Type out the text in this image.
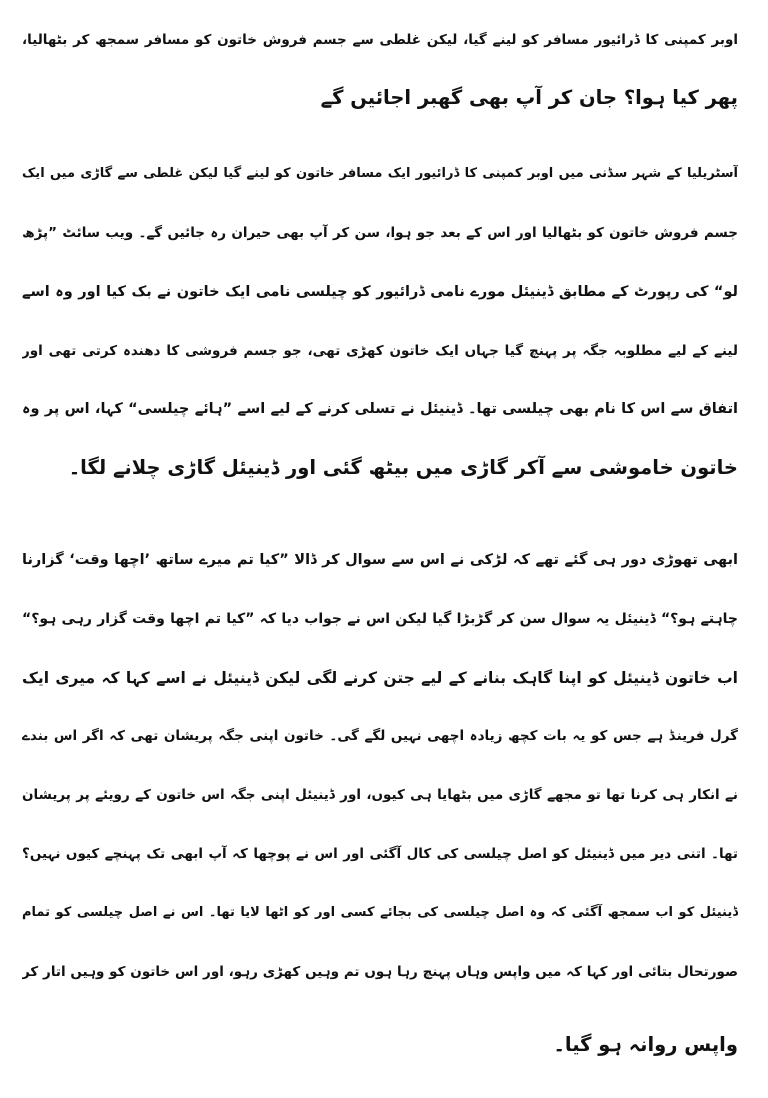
اوبر کمپنی کا ڈرائیور مسافر کو لینے گیا، لیکن غلطی سے جسم فروش خاتون کو مسافر سمجھ کر بٹھالیا،
پھر کیا ہوا؟ جان کر آپ بھی گھبر اجائیں گے
آسٹریلیا کے شہر سڈنی میں اوبر کمپنی کا ڈرائیور ایک مسافر خاتون کو لینے گیا لیکن غلطی سے گاڑی میں ایک
جسم فروش خاتون کو بٹھالیا اور اس کے بعد جو ہوا، سن کر آپ بھی حیران رہ جائیں گے۔ ویب سائٹ ”پڑھ
لو“ کی رپورٹ کے مطابق ڈینیئل مورے نامی ڈرائیور کو چیلسی نامی ایک خاتون نے بک کیا اور وہ اسے
لینے کے لیے مطلوبہ جگہ پر پہنچ گیا جہاں ایک خاتون کھڑی تھی، جو جسم فروشی کا دھندہ کرتی تھی اور
اتفاق سے اس کا نام بھی چیلسی تھا۔ ڈینیئل نے تسلی کرنے کے لیے اسے ”ہائے چیلسی“ کہا، اس پر وہ
خاتون خاموشی سے آکر گاڑی میں بیٹھ گئی اور ڈینیئل گاڑی چلانے لگا۔
ابھی تھوڑی دور ہی گئے تھے کہ لڑکی نے اس سے سوال کر ڈالا ”کیا تم میرے ساتھ ’اچھا وقت‘ گزارنا
چاہتے ہو؟“ ڈینیئل یہ سوال سن کر گڑبڑا گیا لیکن اس نے جواب دیا کہ ”کیا تم اچھا وقت گزار رہی ہو؟“
اب خاتون ڈینیئل کو اپنا گاہک بنانے کے لیے جتن کرنے لگی لیکن ڈینیئل نے اسے کہا کہ میری ایک
گرل فرینڈ ہے جس کو یہ بات کچھ زیادہ اچھی نہیں لگے گی۔ خاتون اپنی جگہ پریشان تھی کہ اگر اس بندے
نے انکار ہی کرنا تھا تو مجھے گاڑی میں بٹھایا ہی کیوں، اور ڈینیئل اپنی جگہ اس خاتون کے رویئے پر پریشان
تھا۔ اتنی دیر میں ڈینیئل کو اصل چیلسی کی کال آگئی اور اس نے پوچھا کہ آپ ابھی تک پہنچے کیوں نہیں؟
ڈینیئل کو اب سمجھ آگئی کہ وہ اصل چیلسی کی بجائے کسی اور کو اٹھا لایا تھا۔ اس نے اصل چیلسی کو تمام
صورتحال بتائی اور کہا کہ میں واپس وہاں پہنچ رہا ہوں تم وہیں کھڑی رہو، اور اس خاتون کو وہیں اتار کر
واپس روانہ ہو گیا۔
